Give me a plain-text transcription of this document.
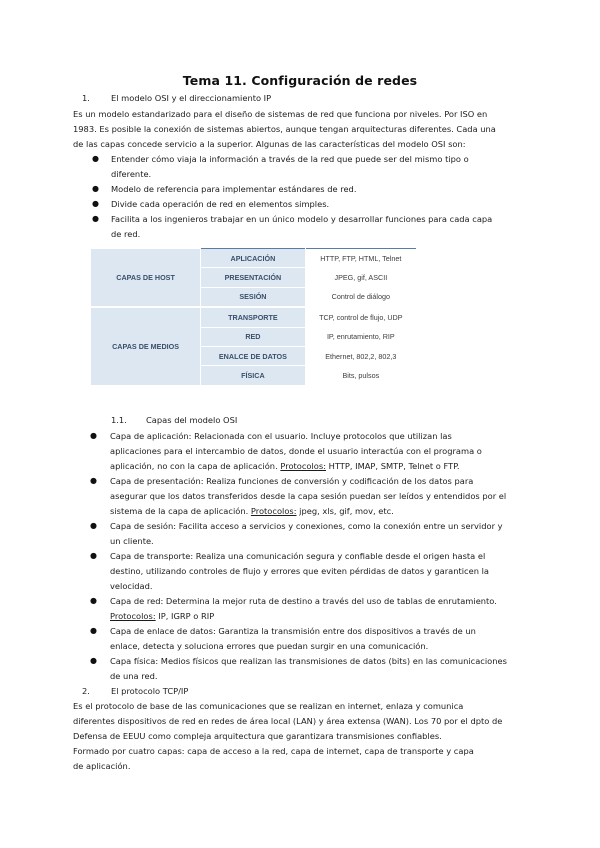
Tema 11. Configuración de redes
1.	El modelo OSI y el direccionamiento IP
Es un modelo estandarizado para el diseño de sistemas de red que funciona por niveles. Por ISO en
1983. Es posible la conexión de sistemas abiertos, aunque tengan arquitecturas diferentes. Cada una
de las capas concede servicio a la superior. Algunas de las características del modelo OSI son:
● Entender cómo viaja la información a través de la red que puede ser del mismo tipo o
diferente.
● Modelo de referencia para implementar estándares de red.
● Divide cada operación de red en elementos simples.
● Facilita a los ingenieros trabajar en un único modelo y desarrollar funciones para cada capa
de red.
CAPAS DE HOST	APLICACIÓN	HTTP, FTP, HTML, Telnet
	PRESENTACIÓN	JPEG, gif, ASCII
	SESIÓN	Control de diálogo
CAPAS DE MEDIOS	TRANSPORTE	TCP, control de flujo, UDP
	RED	IP, enrutamiento, RIP
	ENALCE DE DATOS	Ethernet, 802,2, 802,3
	FÍSICA	Bits, pulsos
1.1. Capas del modelo OSI
● Capa de aplicación: Relacionada con el usuario. Incluye protocolos que utilizan las
aplicaciones para el intercambio de datos, donde el usuario interactúa con el programa o
aplicación, no con la capa de aplicación. Protocolos: HTTP, IMAP, SMTP, Telnet o FTP.
● Capa de presentación: Realiza funciones de conversión y codificación de los datos para
asegurar que los datos transferidos desde la capa sesión puedan ser leídos y entendidos por el
sistema de la capa de aplicación. Protocolos: jpeg, xls, gif, mov, etc.
● Capa de sesión: Facilita acceso a servicios y conexiones, como la conexión entre un servidor y
un cliente.
● Capa de transporte: Realiza una comunicación segura y confiable desde el origen hasta el
destino, utilizando controles de flujo y errores que eviten pérdidas de datos y garanticen la
velocidad.
● Capa de red: Determina la mejor ruta de destino a través del uso de tablas de enrutamiento.
Protocolos: IP, IGRP o RIP
● Capa de enlace de datos: Garantiza la transmisión entre dos dispositivos a través de un
enlace, detecta y soluciona errores que puedan surgir en una comunicación.
● Capa física: Medios físicos que realizan las transmisiones de datos (bits) en las comunicaciones
de una red.
2.	El protocolo TCP/IP
Es el protocolo de base de las comunicaciones que se realizan en internet, enlaza y comunica
diferentes dispositivos de red en redes de área local (LAN) y área extensa (WAN). Los 70 por el dpto de
Defensa de EEUU como compleja arquitectura que garantizara transmisiones confiables.
Formado por cuatro capas: capa de acceso a la red, capa de internet, capa de transporte y capa
de aplicación.
